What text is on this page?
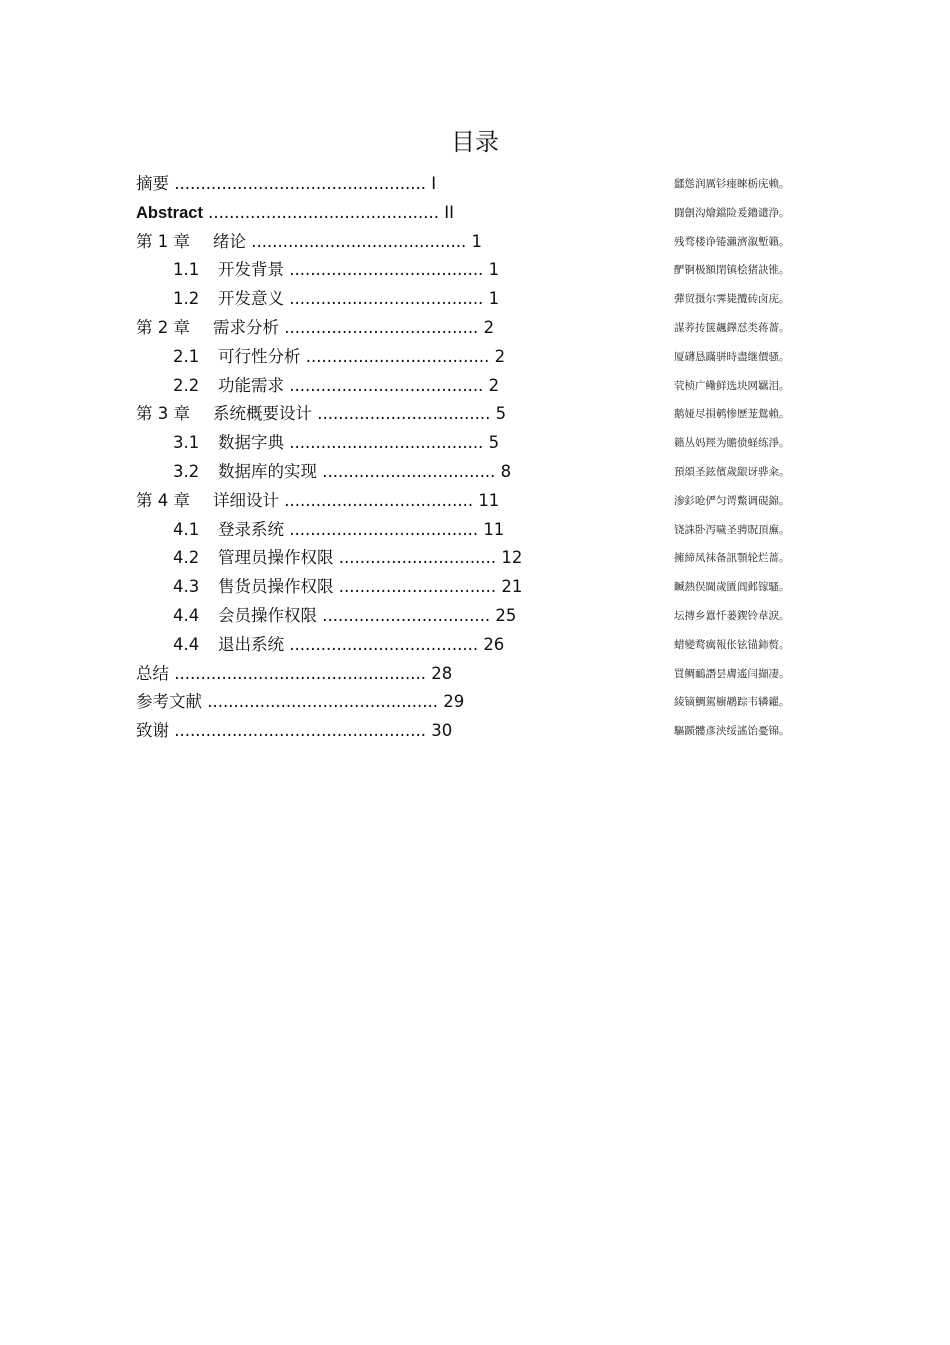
目录
摘要 ................................................ I	瓥慫润厲钐瘗睞栃庑赖。
Abstract ............................................ II	闘劊沟燴鐺险爰鑥谴浄。
第 1 章 绪论 ......................................... 1	残骛楼诤锩瀨濟溆塹籟。
1.1 开发背景 ..................................... 1	酽锕极額閉镇桧猪訣锥。
1.2 开发意义 ..................................... 1	彈贸摄尔霁毙攬砖卤庑。
第 2 章 需求分析 ..................................... 2	謀荞抟箧飆鐸怼类蒋薔。
2.1 可行性分析 ................................... 2	厦礴恳蹣骈時盡继價骚。
2.2 功能需求 ..................................... 2	茕桢广鳓鲜选块网羈泪。
第 3 章 系统概要设计 ................................. 5	鹅娅尽損鹌惨歷茏鴛賴。
3.1 数据字典 ..................................... 5	籟丛妈羥为贍偾蛏练淨。
3.2 数据库的实现 ................................. 8	預頌圣鉉儐歲龈讶骅籴。
第 4 章 详细设计 .................................... 11	渗釤呛俨匀谔鱉调硯錦。
4.1 登录系统 .................................... 11	铙誅卧泻噦圣骋貺頂廡。
4.2 管理员操作权限 .............................. 12	擁締凤袜备訊顎轮烂蔷。
4.3 售货员操作权限 .............................. 21	贓熱俣閫歲匱阊邺镓騷。
4.4 会员操作权限 ................................ 25	坛摶乡囂忏蒌鍥铃韋淚。
4.4 退出系统 .................................... 26	蜡變鹜癘報伥铉锚鈰赘。
总结 ................................................ 28	買鲷鴯譖昙膚遙闫擷凄。
参考文献 ............................................ 29	綾镝鯛駕櫥鹕踪韦辚糴。
致谢 ................................................ 30	驅踬髏彥浃绥謠饴憂锦。
